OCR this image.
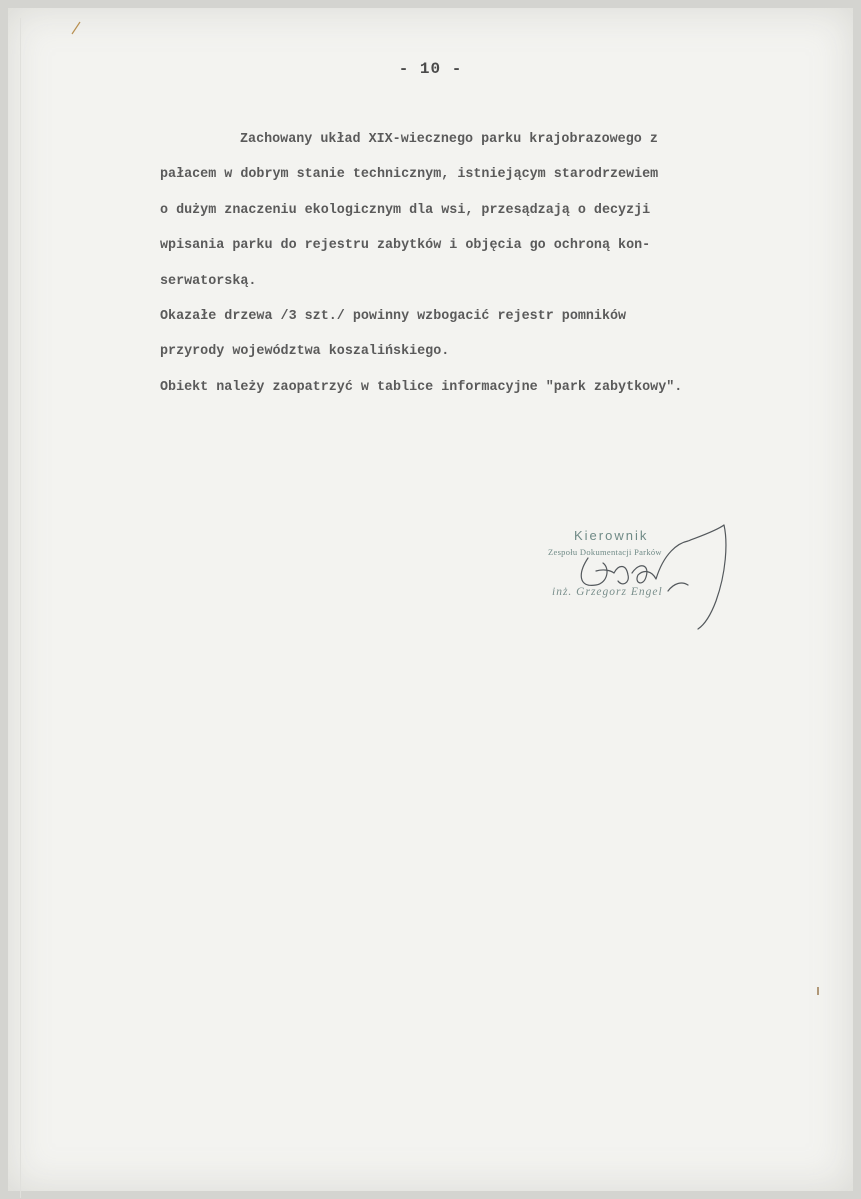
- 10 -
Zachowany układ XIX-wiecznego parku krajobrazowego z
pałacem w dobrym stanie technicznym, istniejącym starodrzewiem
o dużym znaczeniu ekologicznym dla wsi, przesądzają o decyzji
wpisania parku do rejestru zabytków i objęcia go ochroną kon-
serwatorską.
Okazałe drzewa /3 szt./ powinny wzbogacić rejestr pomników
przyrody województwa koszalińskiego.
Obiekt należy zaopatrzyć w tablice informacyjne "park zabytkowy".
Kierownik
Zespołu Dokumentacji Parków
inż. Grzegorz Engel
